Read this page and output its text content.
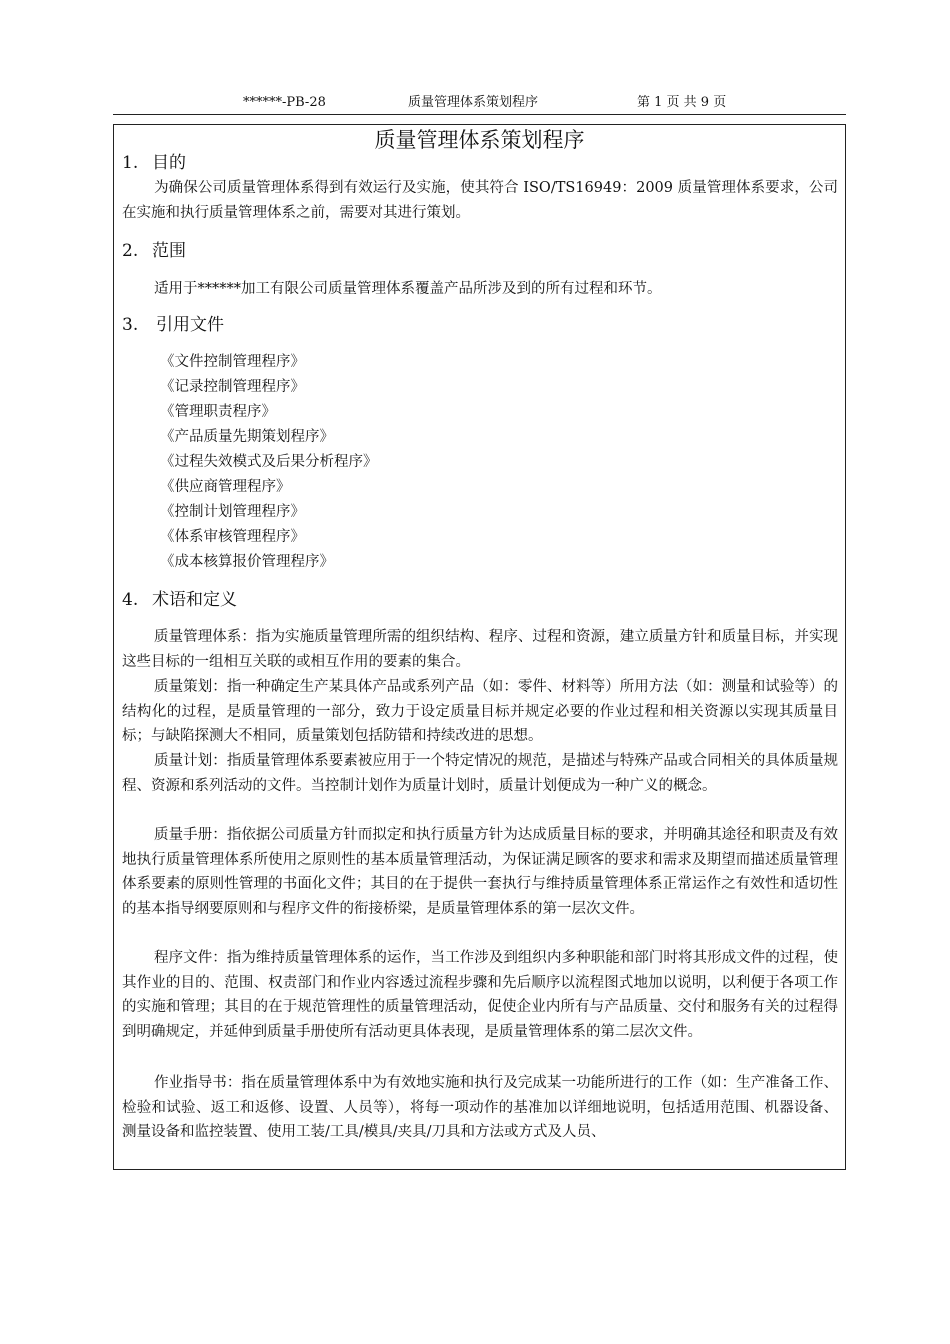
******-PB-28	质量管理体系策划程序	第 1 页 共 9 页
质量管理体系策划程序
1. 目的
为确保公司质量管理体系得到有效运行及实施，使其符合 ISO/TS16949：2009 质量管理体系要求，公司在实施和执行质量管理体系之前，需要对其进行策划。
2. 范围
适用于******加工有限公司质量管理体系覆盖产品所涉及到的所有过程和环节。
3. 引用文件
《文件控制管理程序》
《记录控制管理程序》
《管理职责程序》
《产品质量先期策划程序》
《过程失效模式及后果分析程序》
《供应商管理程序》
《控制计划管理程序》
《体系审核管理程序》
《成本核算报价管理程序》
4. 术语和定义
质量管理体系：指为实施质量管理所需的组织结构、程序、过程和资源，建立质量方针和质量目标，并实现这些目标的一组相互关联的或相互作用的要素的集合。
质量策划：指一种确定生产某具体产品或系列产品（如：零件、材料等）所用方法（如：测量和试验等）的结构化的过程，是质量管理的一部分，致力于设定质量目标并规定必要的作业过程和相关资源以实现其质量目标；与缺陷探测大不相同，质量策划包括防错和持续改进的思想。
质量计划：指质量管理体系要素被应用于一个特定情况的规范，是描述与特殊产品或合同相关的具体质量规程、资源和系列活动的文件。当控制计划作为质量计划时，质量计划便成为一种广义的概念。
质量手册：指依据公司质量方针而拟定和执行质量方针为达成质量目标的要求，并明确其途径和职责及有效地执行质量管理体系所使用之原则性的基本质量管理活动，为保证满足顾客的要求和需求及期望而描述质量管理体系要素的原则性管理的书面化文件；其目的在于提供一套执行与维持质量管理体系正常运作之有效性和适切性的基本指导纲要原则和与程序文件的衔接桥梁，是质量管理体系的第一层次文件。
程序文件：指为维持质量管理体系的运作，当工作涉及到组织内多种职能和部门时将其形成文件的过程，使其作业的目的、范围、权责部门和作业内容透过流程步骤和先后顺序以流程图式地加以说明，以利便于各项工作的实施和管理；其目的在于规范管理性的质量管理活动，促使企业内所有与产品质量、交付和服务有关的过程得到明确规定，并延伸到质量手册使所有活动更具体表现，是质量管理体系的第二层次文件。
作业指导书：指在质量管理体系中为有效地实施和执行及完成某一功能所进行的工作（如：生产准备工作、检验和试验、返工和返修、设置、人员等），将每一项动作的基准加以详细地说明，包括适用范围、机器设备、测量设备和监控装置、使用工装/工具/模具/夹具/刀具和方法或方式及人员、
